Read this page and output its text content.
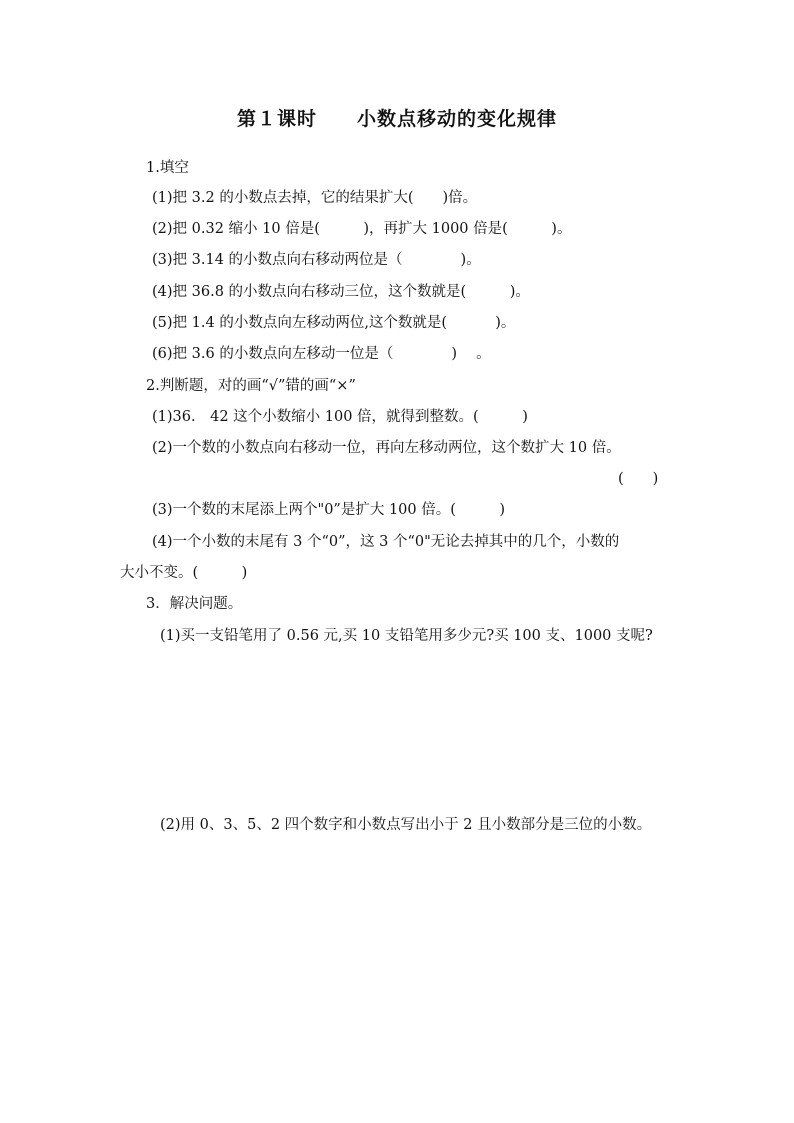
第１课时　　小数点移动的变化规律
1.填空
(1)把 3.2 的小数点去掉，它的结果扩大(　　)倍。
(2)把 0.32 缩小 10 倍是(　　　)，再扩大 1000 倍是(　　　)。
(3)把 3.14 的小数点向右移动两位是（　　　　)。
(4)把 36.8 的小数点向右移动三位，这个数就是(　　　)。
(5)把 1.4 的小数点向左移动两位,这个数就是(　　　 )。
(6)把 3.6 的小数点向左移动一位是（　　　　)　 。
2.判断题，对的画“√”错的画“×”
(1)36.　42 这个小数缩小 100 倍，就得到整数。(　　　)
(2)一个数的小数点向右移动一位，再向左移动两位，这个数扩大 10 倍。
(　　)
(3)一个数的末尾添上两个"0”是扩大 100 倍。(　　　)
(4)一个小数的末尾有 3 个“0”，这 3 个“0"无论去掉其中的几个，小数的
大小不变。(　　　)
3．解决问题。
(1)买一支铅笔用了 0.56 元,买 10 支铅笔用多少元?买 100 支、1000 支呢?
(2)用 0、3、5、2 四个数字和小数点写出小于 2 且小数部分是三位的小数。
